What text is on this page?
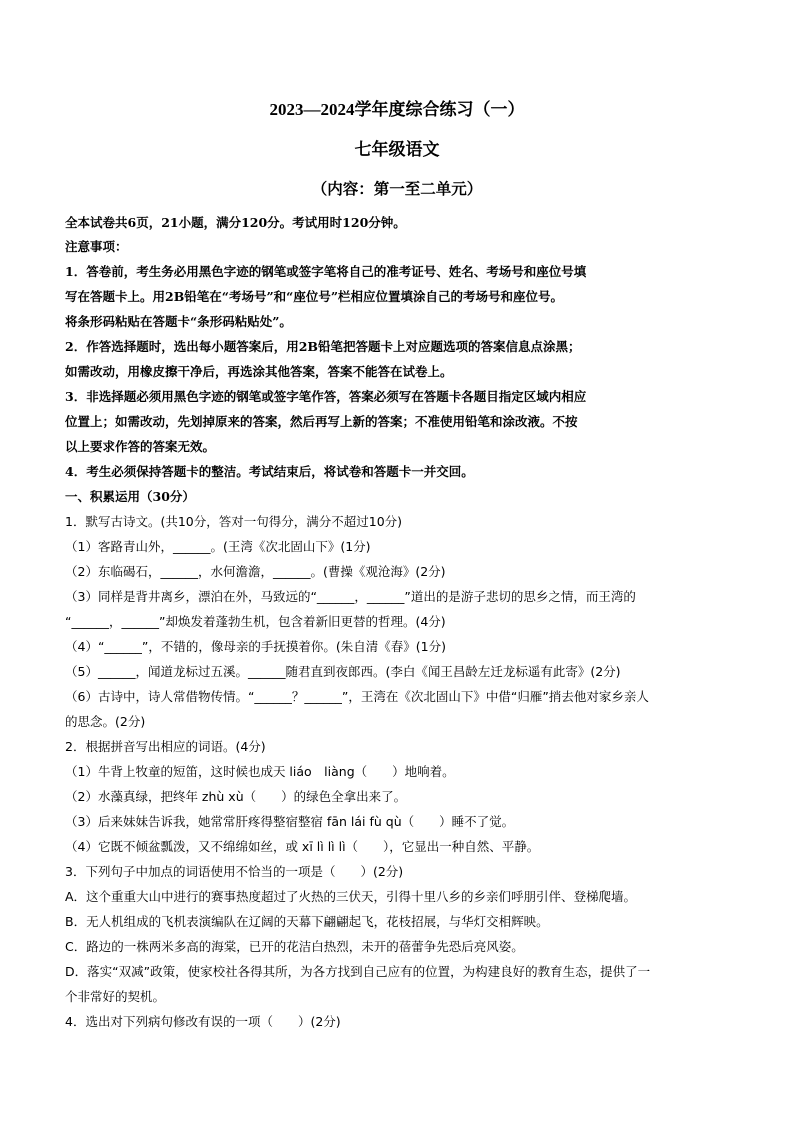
2023—2024学年度综合练习（一）
七年级语文
（内容：第一至二单元）
全本试卷共6页，21小题，满分120分。考试用时120分钟。
注意事项：
1．答卷前，考生务必用黑色字迹的钢笔或签字笔将自己的准考证号、姓名、考场号和座位号填
写在答题卡上。用2B铅笔在“考场号”和“座位号”栏相应位置填涂自己的考场号和座位号。
将条形码粘贴在答题卡“条形码粘贴处”。
2．作答选择题时，选出每小题答案后，用2B铅笔把答题卡上对应题选项的答案信息点涂黑；
如需改动，用橡皮擦干净后，再选涂其他答案，答案不能答在试卷上。
3．非选择题必须用黑色字迹的钢笔或签字笔作答，答案必须写在答题卡各题目指定区域内相应
位置上；如需改动，先划掉原来的答案，然后再写上新的答案；不准使用铅笔和涂改液。不按
以上要求作答的答案无效。
4．考生必须保持答题卡的整洁。考试结束后，将试卷和答题卡一并交回。
一、积累运用（30分）
1．默写古诗文。(共10分，答对一句得分，满分不超过10分)
（1）客路青山外，______。(王湾《次北固山下》(1分)
（2）东临碣石，______，水何澹澹，______。(曹操《观沧海》(2分)
（3）同样是背井离乡，漂泊在外，马致远的“______，______”道出的是游子悲切的思乡之情，而王湾的
“______，______”却焕发着蓬勃生机，包含着新旧更替的哲理。(4分)
（4）“______”，不错的，像母亲的手抚摸着你。(朱自清《春》(1分)
（5）______，闻道龙标过五溪。______随君直到夜郎西。(李白《闻王昌龄左迁龙标遥有此寄》(2分)
（6）古诗中，诗人常借物传情。“______？______”，王湾在《次北固山下》中借“归雁”捎去他对家乡亲人
的思念。(2分)
2．根据拼音写出相应的词语。(4分)
（1）牛背上牧童的短笛，这时候也成天 liáo　liàng（　　）地响着。
（2）水藻真绿，把终年 zhù xù（　　）的绿色全拿出来了。
（3）后来妹妹告诉我，她常常肝疼得整宿整宿 fān lái fù qù（　　）睡不了觉。
（4）它既不倾盆瓢泼，又不绵绵如丝，或 xī lì lì lì（　　），它显出一种自然、平静。
3．下列句子中加点的词语使用不恰当的一项是（　　）(2分)
A．这个重重大山中进行的赛事热度超过了火热的三伏天，引得十里八乡的乡亲们呼朋引伴、登梯爬墙。
B．无人机组成的飞机表演编队在辽阔的天幕下翩翩起飞，花枝招展，与华灯交相辉映。
C．路边的一株两米多高的海棠，已开的花洁白热烈，未开的蓓蕾争先恐后亮风姿。
D．落实“双减”政策，使家校社各得其所，为各方找到自己应有的位置，为构建良好的教育生态，提供了一
个非常好的契机。
4．选出对下列病句修改有误的一项（　　）(2分)
